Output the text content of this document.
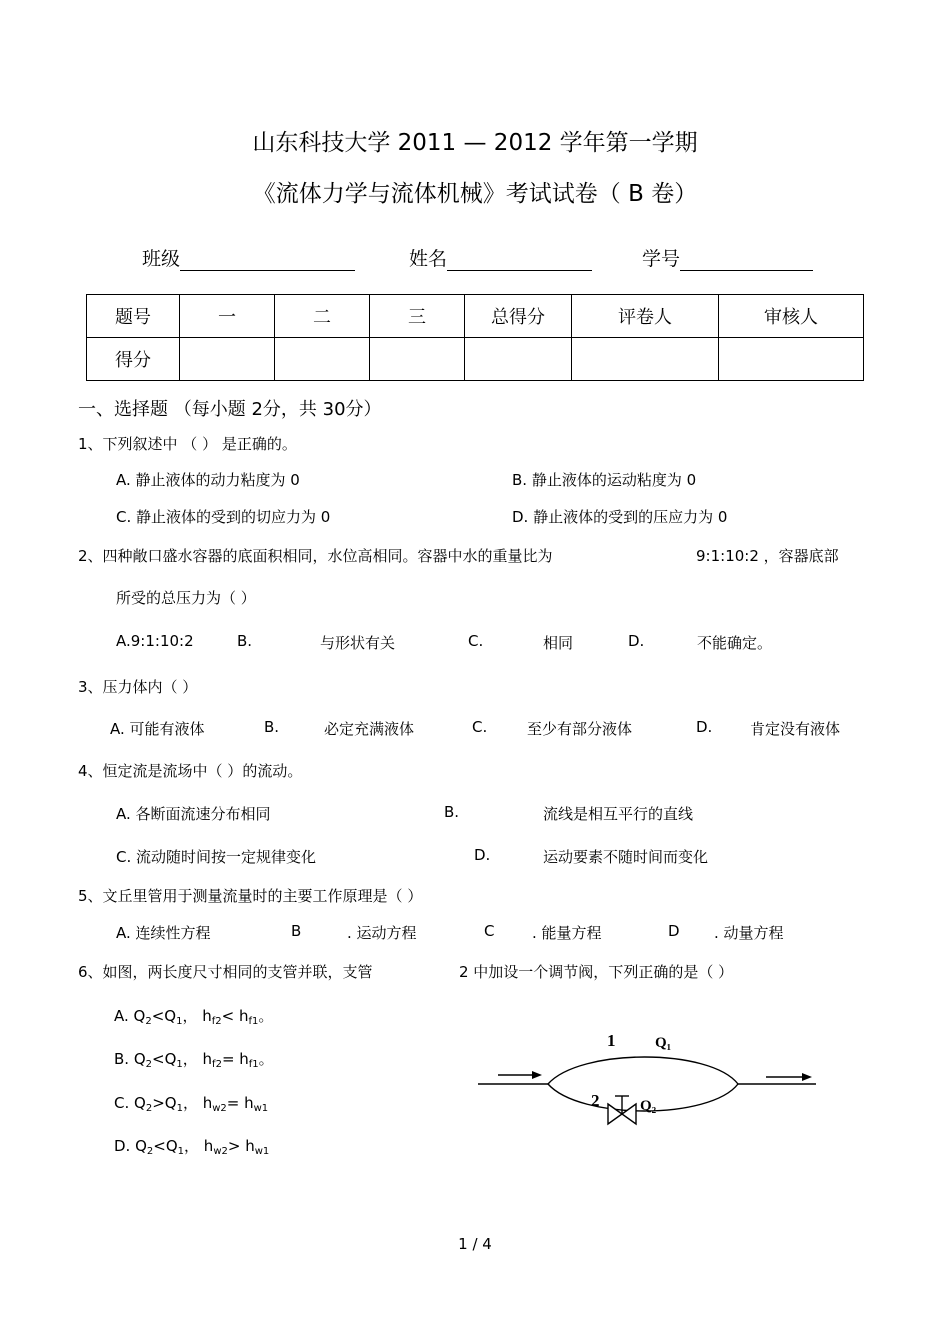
山东科技大学 2011 — 2012 学年第一学期
《流体力学与流体机械》考试试卷（ B 卷）
班级	姓名	学号
题号	一	二	三	总得分	评卷人	审核人
得分						
一、选择题 （每小题 2分，共 30分）
1、下列叙述中 （ ） 是正确的。
A. 静止液体的动力粘度为 0	B. 静止液体的运动粘度为 0
C. 静止液体的受到的切应力为 0	D. 静止液体的受到的压应力为 0
2、四种敞口盛水容器的底面积相同，水位高相同。容器中水的重量比为	9:1:10:2 ，容器底部
所受的总压力为（ ）
A.9:1:10:2	B.	与形状有关	C.	相同	D.	不能确定。
3、压力体内（ ）
A. 可能有液体	B.	必定充满液体	C.	至少有部分液体	D.	肯定没有液体
4、恒定流是流场中（ ）的流动。
A. 各断面流速分布相同	B.	流线是相互平行的直线
C. 流动随时间按一定规律变化	D.	运动要素不随时间而变化
5、文丘里管用于测量流量时的主要工作原理是（ ）
A. 连续性方程	B	. 运动方程	C	. 能量方程	D . 动量方程
6、如图，两长度尺寸相同的支管并联，支管	2 中加设一个调节阀，下列正确的是（ ）
A. $Q_2<Q_1$， $h_{f2}< h_{f1}$。
B. $Q_2<Q_1$， $h_{f2}= h_{f1}$。
C. $Q_2>Q_1$， $h_{w2}= h_{w1}$
D. $Q_2<Q_1$， $h_{w2}> h_{w1}$
1	Q₁
2	Q₂
1 / 4
